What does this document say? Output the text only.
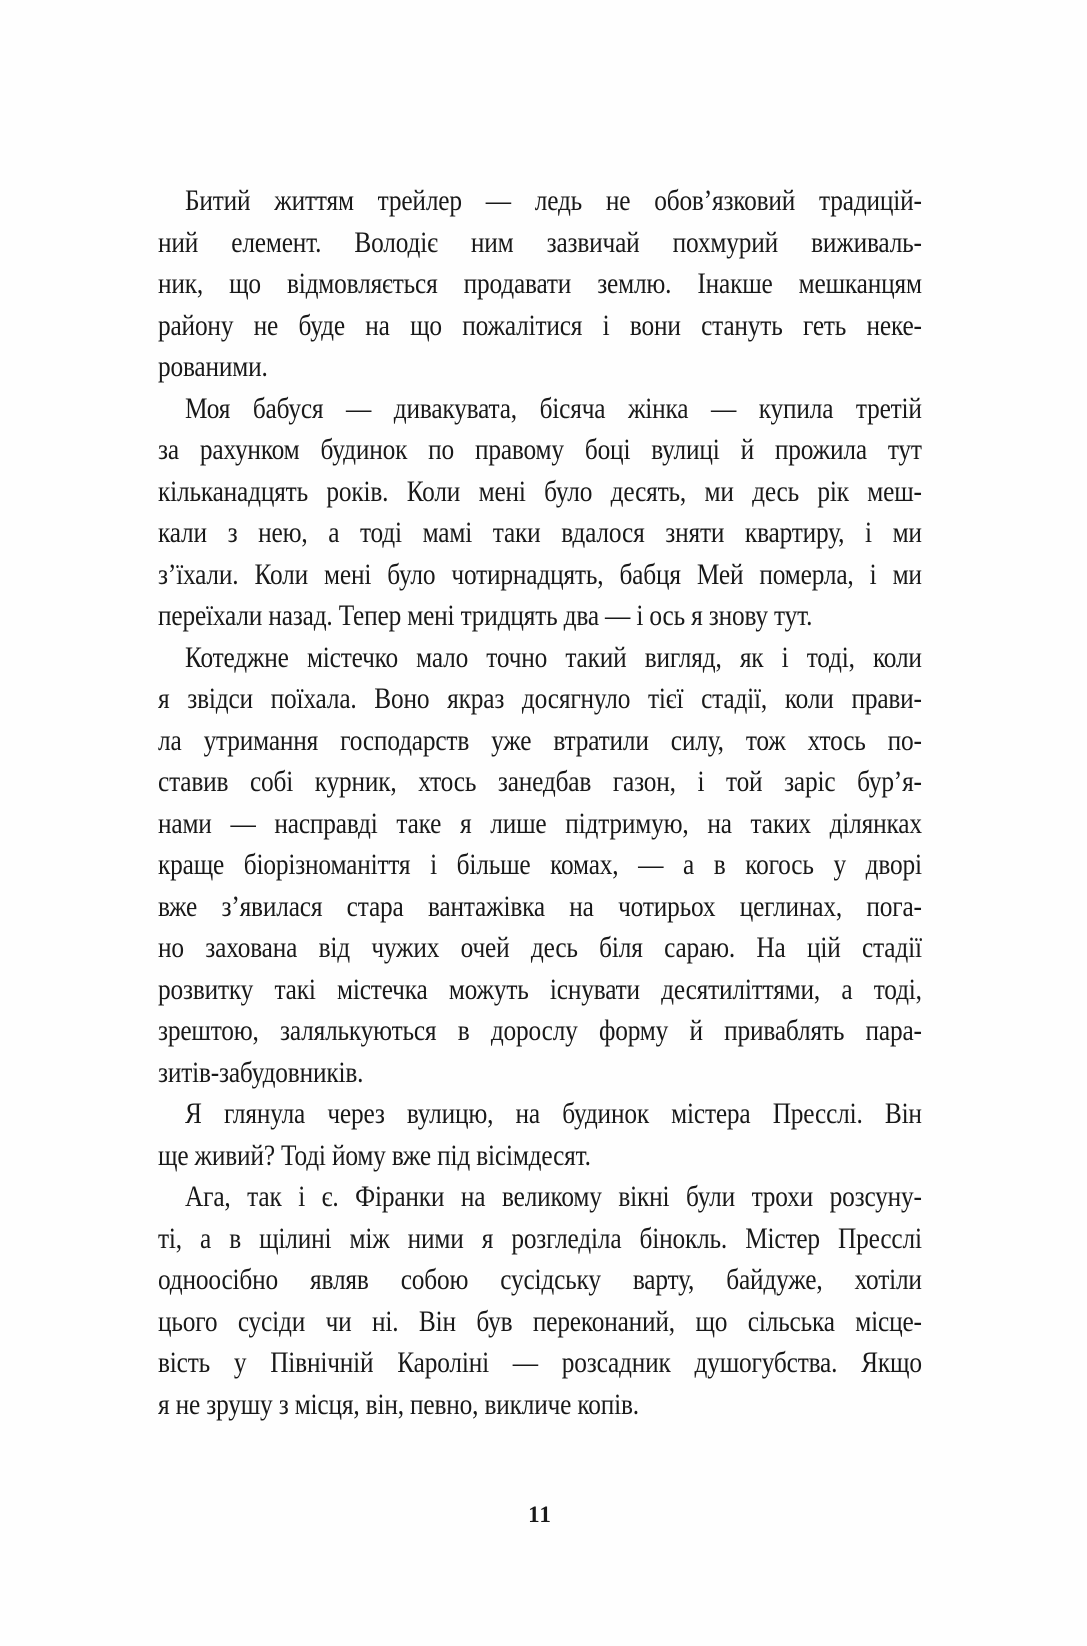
Битий життям трейлер — ледь не обов’язковий традицій-
ний елемент. Володіє ним зазвичай похмурий виживаль-
ник, що відмовляється продавати землю. Інакше мешканцям
району не буде на що пожалітися і вони стануть геть неке-
рованими.

Моя бабуся — дивакувата, бісяча жінка — купила третій
за рахунком будинок по правому боці вулиці й прожила тут
кільканадцять років. Коли мені було десять, ми десь рік меш-
кали з нею, а тоді мамі таки вдалося зняти квартиру, і ми
з’їхали. Коли мені було чотирнадцять, бабця Мей померла, і ми
переїхали назад. Тепер мені тридцять два — і ось я знову тут.

Котеджне містечко мало точно такий вигляд, як і тоді, коли
я звідси поїхала. Воно якраз досягнуло тієї стадії, коли прави-
ла утримання господарств уже втратили силу, тож хтось по-
ставив собі курник, хтось занедбав газон, і той заріс бур’я-
нами — насправді таке я лише підтримую, на таких ділянках
краще біорізноманіття і більше комах, — а в когось у дворі
вже з’явилася стара вантажівка на чотирьох цеглинах, пога-
но захована від чужих очей десь біля сараю. На цій стадії
розвитку такі містечка можуть існувати десятиліттями, а тоді,
зрештою, залялькуються в дорослу форму й приваблять пара-
зитів-забудовників.

Я глянула через вулицю, на будинок містера Пресслі. Він
ще живий? Тоді йому вже під вісімдесят.

Ага, так і є. Фіранки на великому вікні були трохи розсуну-
ті, а в щілині між ними я розгледіла бінокль. Містер Пресслі
одноосібно являв собою сусідську варту, байдуже, хотіли
цього сусіди чи ні. Він був переконаний, що сільська місце-
вість у Північній Кароліні — розсадник душогубства. Якщо
я не зрушу з місця, він, певно, викличе копів.

11
